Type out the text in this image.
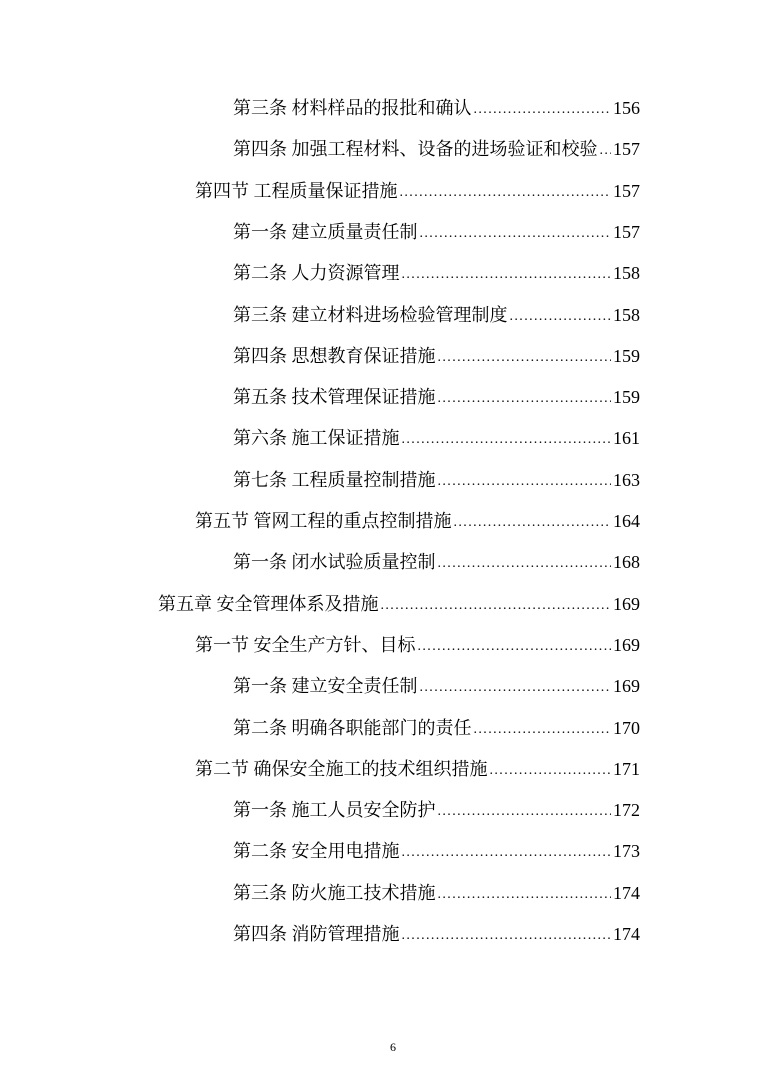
第三条 材料样品的报批和确认 .....	156
第四条 加强工程材料、设备的进场验证和校验 ..... 157
第四节 工程质量保证措施 .....	157
第一条 建立质量责任制 .....	157
第二条 人力资源管理 .....	158
第三条 建立材料进场检验管理制度 .....	158
第四条 思想教育保证措施 .....	159
第五条 技术管理保证措施 .....	159
第六条 施工保证措施 .....	161
第七条 工程质量控制措施 .....	163
第五节 管网工程的重点控制措施 .....	164
第一条 闭水试验质量控制 .....	168
第五章 安全管理体系及措施 .....	169
第一节 安全生产方针、目标 .....	169
第一条 建立安全责任制 .....	169
第二条 明确各职能部门的责任 .....	170
第二节 确保安全施工的技术组织措施 .....	171
第一条 施工人员安全防护 .....	172
第二条 安全用电措施 .....	173
第三条 防火施工技术措施 .....	174
第四条 消防管理措施 .....	174
6
